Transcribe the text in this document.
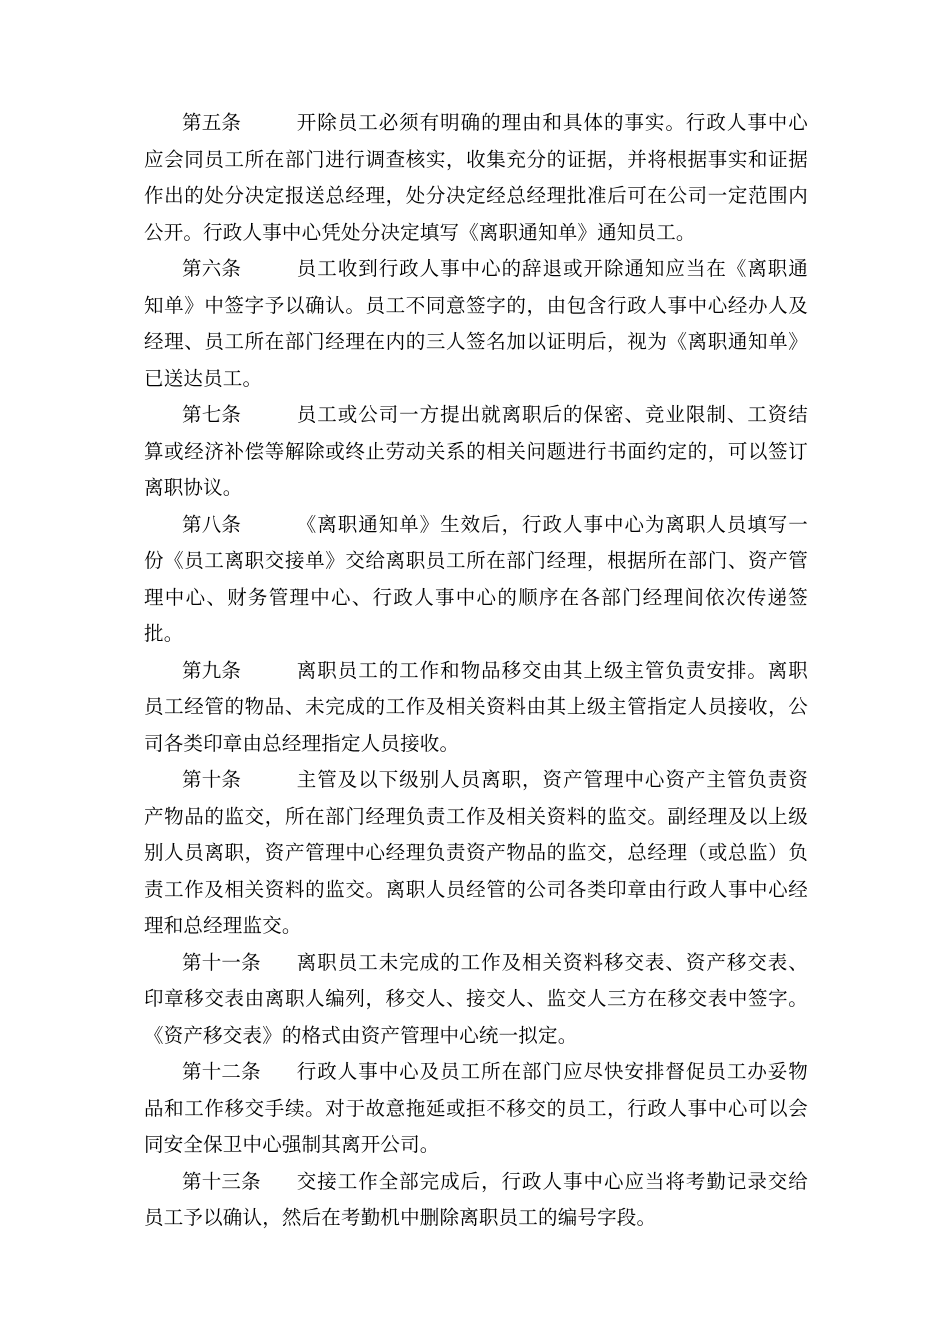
第五条	开除员工必须有明确的理由和具体的事实。行政人事中心应会同员工所在部门进行调查核实，收集充分的证据，并将根据事实和证据作出的处分决定报送总经理，处分决定经总经理批准后可在公司一定范围内公开。行政人事中心凭处分决定填写《离职通知单》通知员工。

第六条	员工收到行政人事中心的辞退或开除通知应当在《离职通知单》中签字予以确认。员工不同意签字的，由包含行政人事中心经办人及经理、员工所在部门经理在内的三人签名加以证明后，视为《离职通知单》已送达员工。

第七条	员工或公司一方提出就离职后的保密、竞业限制、工资结算或经济补偿等解除或终止劳动关系的相关问题进行书面约定的，可以签订离职协议。

第八条	《离职通知单》生效后，行政人事中心为离职人员填写一份《员工离职交接单》交给离职员工所在部门经理，根据所在部门、资产管理中心、财务管理中心、行政人事中心的顺序在各部门经理间依次传递签批。

第九条	离职员工的工作和物品移交由其上级主管负责安排。离职员工经管的物品、未完成的工作及相关资料由其上级主管指定人员接收，公司各类印章由总经理指定人员接收。

第十条	主管及以下级别人员离职，资产管理中心资产主管负责资产物品的监交，所在部门经理负责工作及相关资料的监交。副经理及以上级别人员离职，资产管理中心经理负责资产物品的监交，总经理（或总监）负责工作及相关资料的监交。离职人员经管的公司各类印章由行政人事中心经理和总经理监交。

第十一条 离职员工未完成的工作及相关资料移交表、资产移交表、印章移交表由离职人编列，移交人、接交人、监交人三方在移交表中签字。《资产移交表》的格式由资产管理中心统一拟定。

第十二条 行政人事中心及员工所在部门应尽快安排督促员工办妥物品和工作移交手续。对于故意拖延或拒不移交的员工，行政人事中心可以会同安全保卫中心强制其离开公司。

第十三条 交接工作全部完成后，行政人事中心应当将考勤记录交给员工予以确认，然后在考勤机中删除离职员工的编号字段。
